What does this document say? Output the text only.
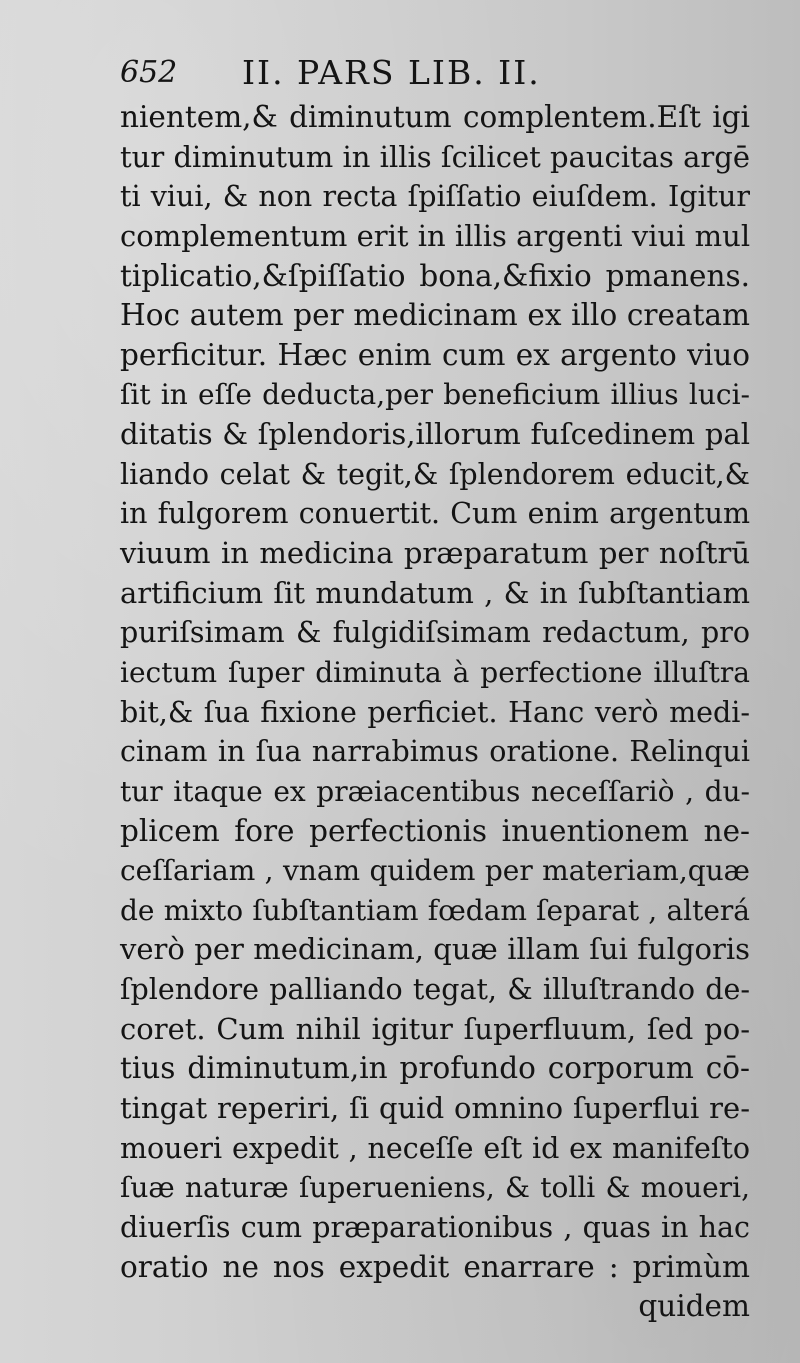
652 II. PARS LIB. II.
nientem,& diminutum complentem.Eſt igi
tur diminutum in illis ſcilicet paucitas argē
ti viui, & non recta ſpiſſatio eiuſdem. Igitur
complementum erit in illis argenti viui mul
tiplicatio,&ſpiſſatio bona,&fixio pmanens.
Hoc autem per medicinam ex illo creatam
perficitur. Hæc enim cum ex argento viuo
ſit in eſſe deducta,per beneficium illius luci-
ditatis & ſplendoris,illorum fuſcedinem pal
liando celat & tegit,& ſplendorem educit,&
in fulgorem conuertit. Cum enim argentum
viuum in medicina præparatum per noſtrū
artificium ſit mundatum , & in ſubſtantiam
puriſsimam & fulgidiſsimam redactum, pro
iectum ſuper diminuta à perfectione illuſtra
bit,& ſua fixione perficiet. Hanc verò medi-
cinam in ſua narrabimus oratione. Relinqui
tur itaque ex præiacentibus neceſſariò , du-
plicem fore perfectionis inuentionem ne-
ceſſariam , vnam quidem per materiam,quæ
de mixto ſubſtantiam fœdam ſeparat , alterá
verò per medicinam, quæ illam ſui fulgoris
ſplendore palliando tegat, & illuſtrando de-
coret. Cum nihil igitur ſuperfluum, ſed po-
tius diminutum,in profundo corporum cō-
tingat reperiri, ſi quid omnino ſuperflui re-
moueri expedit , neceſſe eſt id ex manifeſto
ſuæ naturæ ſuperueniens, & tolli & moueri,
diuerſis cum præparationibus , quas in hac
oratio ne nos expedit enarrare : primùm
quidem
